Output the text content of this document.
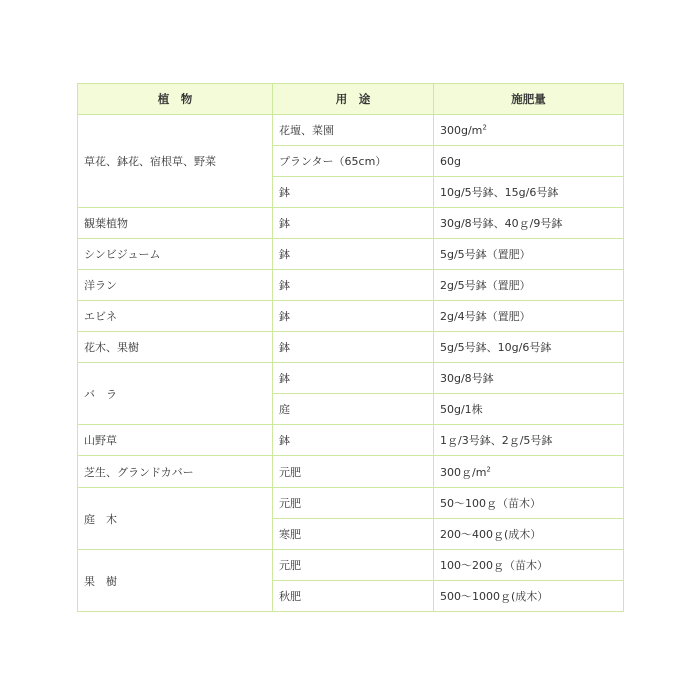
植　物	用　途	施肥量
草花、鉢花、宿根草、野菜	花壇、菜園	$300g/m^2$
	プランター（65cm）	60g
	鉢	10g/5号鉢、15g/6号鉢
観葉植物	鉢	30g/8号鉢、40ｇ/9号鉢
シンビジューム	鉢	5g/5号鉢（置肥）
洋ラン	鉢	2g/5号鉢（置肥）
エビネ	鉢	2g/4号鉢（置肥）
花木、果樹	鉢	5g/5号鉢、10g/6号鉢
バ　ラ	鉢	30g/8号鉢
	庭	50g/1株
山野草	鉢	1ｇ/3号鉢、2ｇ/5号鉢
芝生、グランドカバー	元肥	$300g/m^2$
庭　木	元肥	50〜100ｇ（苗木）
	寒肥	200〜400ｇ(成木）
果　樹	元肥	100〜200ｇ（苗木）
	秋肥	500〜1000ｇ(成木）
